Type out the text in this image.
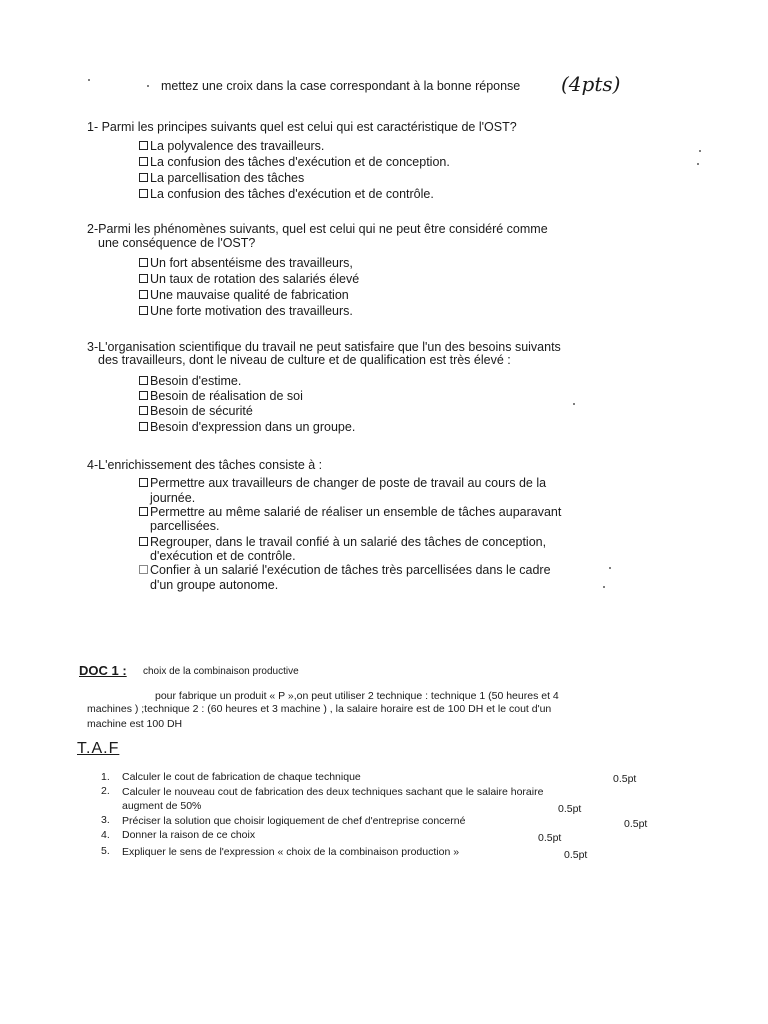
mettez une croix dans la case correspondant à la bonne réponse (4pts)
1- Parmi les principes suivants quel est celui qui est caractéristique de l'OST?
La polyvalence des travailleurs.
La confusion des tâches d'exécution et de conception.
La parcellisation des tâches
La confusion des tâches d'exécution et de contrôle.
2-Parmi les phénomènes suivants, quel est celui qui ne peut être considéré comme
une conséquence de l'OST?
Un fort absentéisme des travailleurs,
Un taux de rotation des salariés élevé
Une mauvaise qualité de fabrication
Une forte motivation des travailleurs.
3-L'organisation scientifique du travail ne peut satisfaire que l'un des besoins suivants
des travailleurs, dont le niveau de culture et de qualification est très élevé :
Besoin d'estime.
Besoin de réalisation de soi
Besoin de sécurité
Besoin d'expression dans un groupe.
4-L'enrichissement des tâches consiste à :
Permettre aux travailleurs de changer de poste de travail au cours de la
journée.
Permettre au même salarié de réaliser un ensemble de tâches auparavant
parcellisées.
Regrouper, dans le travail confié à un salarié des tâches de conception,
d'exécution et de contrôle.
Confier à un salarié l'exécution de tâches très parcellisées dans le cadre
d'un groupe autonome.
DOC 1 : choix de la combinaison productive
pour fabrique un produit « P »,on peut utiliser 2 technique : technique 1 (50 heures et 4
machines ) ;technique 2 : (60 heures et 3 machine ) , la salaire horaire est de 100 DH et le cout d'un
machine est 100 DH
T.A.F
1. Calculer le cout de fabrication de chaque technique	0.5pt
2. Calculer le nouveau cout de fabrication des deux techniques sachant que le salaire horaire
augment de 50%	0.5pt
3. Préciser la solution que choisir logiquement de chef d'entreprise concerné	0.5pt
4. Donner la raison de ce choix	0.5pt
5. Expliquer le sens de l'expression « choix de la combinaison production »	0.5pt
